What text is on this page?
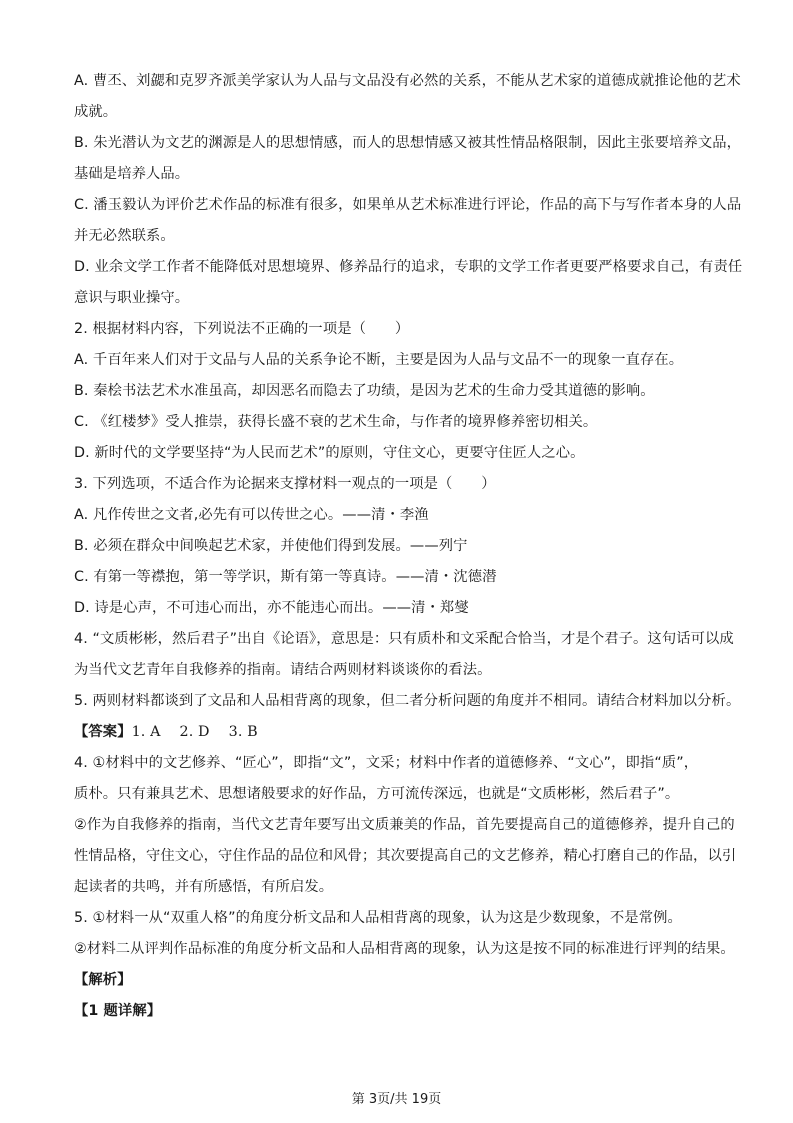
A. 曹丕、刘勰和克罗齐派美学家认为人品与文品没有必然的关系，不能从艺术家的道德成就推论他的艺术
成就。
B. 朱光潜认为文艺的渊源是人的思想情感，而人的思想情感又被其性情品格限制，因此主张要培养文品，
基础是培养人品。
C. 潘玉毅认为评价艺术作品的标准有很多，如果单从艺术标准进行评论，作品的高下与写作者本身的人品
并无必然联系。
D. 业余文学工作者不能降低对思想境界、修养品行的追求，专职的文学工作者更要严格要求自己，有责任
意识与职业操守。
2. 根据材料内容，下列说法不正确的一项是（　　）
A. 千百年来人们对于文品与人品的关系争论不断，主要是因为人品与文品不一的现象一直存在。
B. 秦桧书法艺术水准虽高，却因恶名而隐去了功绩，是因为艺术的生命力受其道德的影响。
C. 《红楼梦》受人推崇，获得长盛不衰的艺术生命，与作者的境界修养密切相关。
D. 新时代的文学要坚持“为人民而艺术”的原则，守住文心，更要守住匠人之心。
3. 下列选项，不适合作为论据来支撑材料一观点的一项是（　　）
A. 凡作传世之文者,必先有可以传世之心。——清・李渔
B. 必须在群众中间唤起艺术家，并使他们得到发展。——列宁
C. 有第一等襟抱，第一等学识，斯有第一等真诗。——清・沈德潜
D. 诗是心声，不可违心而出，亦不能违心而出。——清・郑燮
4. “文质彬彬，然后君子”出自《论语》，意思是：只有质朴和文采配合恰当，才是个君子。这句话可以成
为当代文艺青年自我修养的指南。请结合两则材料谈谈你的看法。
5. 两则材料都谈到了文品和人品相背离的现象，但二者分析问题的角度并不相同。请结合材料加以分析。
【答案】1. A　 2. D　 3. B
4. ①材料中的文艺修养、“匠心”，即指“文”，文采；材料中作者的道德修养、“文心”，即指“质”，
质朴。只有兼具艺术、思想诸般要求的好作品，方可流传深远，也就是“文质彬彬，然后君子”。
②作为自我修养的指南，当代文艺青年要写出文质兼美的作品，首先要提高自己的道德修养，提升自己的
性情品格，守住文心，守住作品的品位和风骨；其次要提高自己的文艺修养，精心打磨自己的作品，以引
起读者的共鸣，并有所感悟，有所启发。
5. ①材料一从“双重人格”的角度分析文品和人品相背离的现象，认为这是少数现象，不是常例。
②材料二从评判作品标准的角度分析文品和人品相背离的现象，认为这是按不同的标准进行评判的结果。
【解析】
【1 题详解】
第 3页/共 19页
